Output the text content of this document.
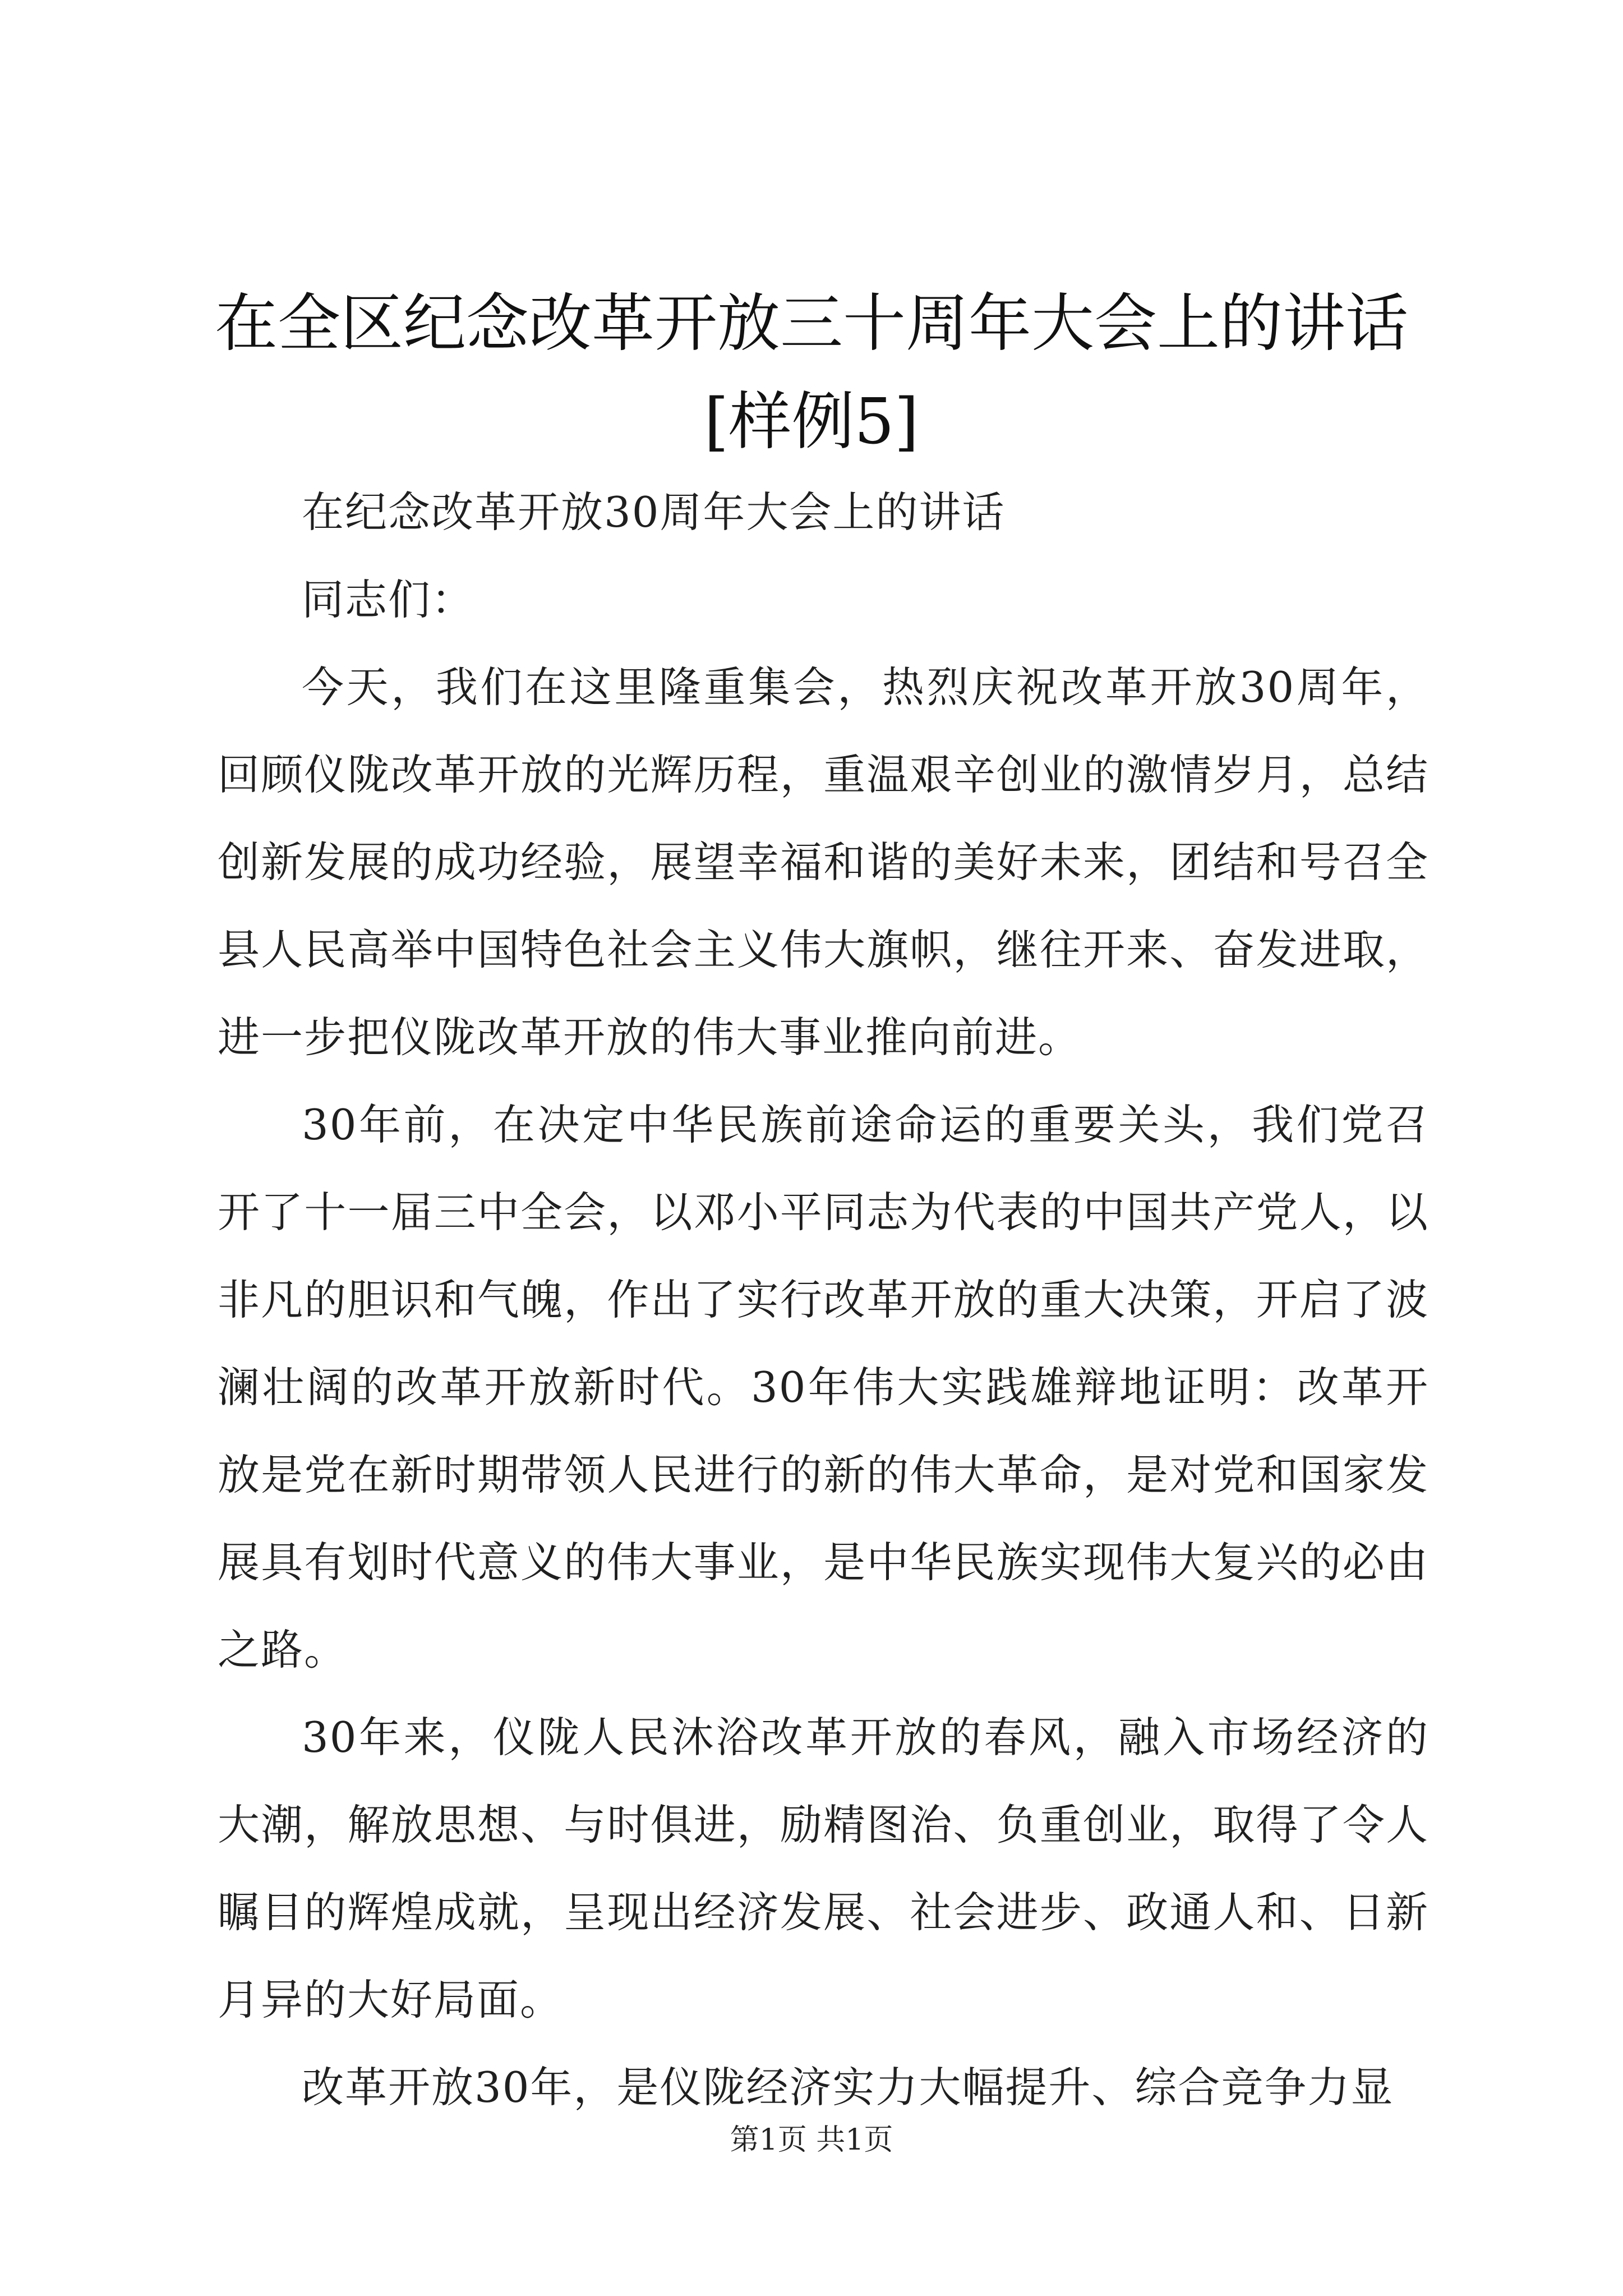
在全区纪念改革开放三十周年大会上的讲话
[样例5]

在纪念改革开放30周年大会上的讲话

同志们：

今天，我们在这里隆重集会，热烈庆祝改革开放30周年，回顾仪陇改革开放的光辉历程，重温艰辛创业的激情岁月，总结创新发展的成功经验，展望幸福和谐的美好未来，团结和号召全县人民高举中国特色社会主义伟大旗帜，继往开来、奋发进取，进一步把仪陇改革开放的伟大事业推向前进。

30年前，在决定中华民族前途命运的重要关头，我们党召开了十一届三中全会，以邓小平同志为代表的中国共产党人，以非凡的胆识和气魄，作出了实行改革开放的重大决策，开启了波澜壮阔的改革开放新时代。30年伟大实践雄辩地证明：改革开放是党在新时期带领人民进行的新的伟大革命，是对党和国家发展具有划时代意义的伟大事业，是中华民族实现伟大复兴的必由之路。

30年来，仪陇人民沐浴改革开放的春风，融入市场经济的大潮，解放思想、与时俱进，励精图治、负重创业，取得了令人瞩目的辉煌成就，呈现出经济发展、社会进步、政通人和、日新月异的大好局面。

改革开放30年，是仪陇经济实力大幅提升、综合竞争力显

第1页 共1页
